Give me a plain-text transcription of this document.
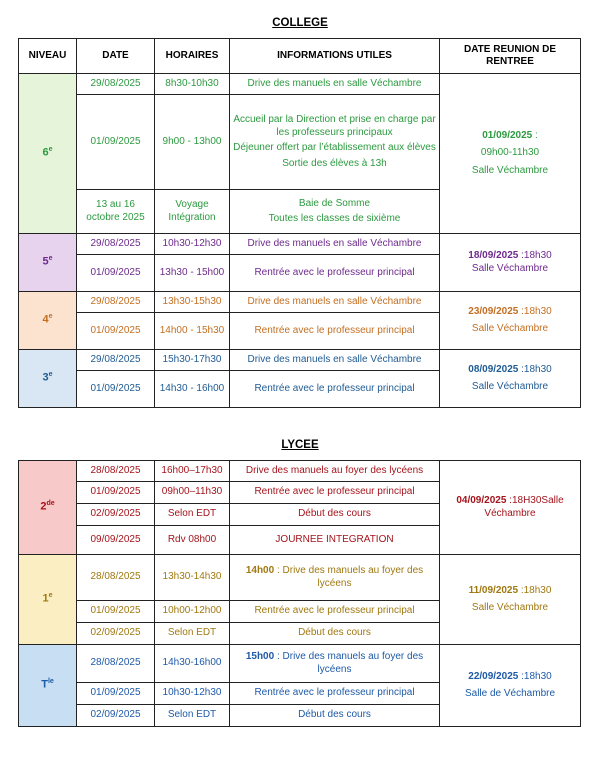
COLLEGE
NIVEAU	DATE	HORAIRES	INFORMATIONS UTILES	DATE REUNION DE RENTREE
6e	29/08/2025	8h30-10h30	Drive des manuels en salle Véchambre	01/09/2025 :

09h00-11h30

Salle Véchambre

	01/09/2025	9h00 - 13h00	Accueil par la Direction et prise en charge par les professeurs principaux

Déjeuner offert par l’établissement aux élèves

Sortie des élèves à 13h	

	13 au 16 octobre 2025	Voyage Intégration	Baie de Somme

Toutes les classes de sixième	

5e	29/08/2025	10h30-12h30	Drive des manuels en salle Véchambre	18/09/2025 :18h30
Salle Véchambre

	01/09/2025	13h30 - 15h00	Rentrée avec le professeur principal	
4e	29/08/2025	13h30-15h30	Drive des manuels en salle Véchambre	23/09/2025 :18h30

Salle Véchambre

	01/09/2025	14h00 - 15h30	Rentrée avec le professeur principal	
3e	29/08/2025	15h30-17h30	Drive des manuels en salle Véchambre	08/09/2025 :18h30

Salle Véchambre

	01/09/2025	14h30 - 16h00	Rentrée avec le professeur principal	
LYCEE
2de	28/08/2025	16h00–17h30	Drive des manuels au foyer des lycéens	04/09/2025 :18H30Salle Véchambre
	01/09/2025	09h00–11h30	Rentrée avec le professeur principal	
	02/09/2025	Selon EDT	Début des cours	
	09/09/2025	Rdv 08h00	JOURNEE INTEGRATION	
1e	28/08/2025	13h30-14h30	14h00 : Drive des manuels au foyer des lycéens	11/09/2025 :18h30

Salle Véchambre

	01/09/2025	10h00-12h00	Rentrée avec le professeur principal	
	02/09/2025	Selon EDT	Début des cours	
$T^{le}$	28/08/2025	14h30-16h00	15h00 : Drive des manuels au foyer des lycéens	22/09/2025 :18h30

Salle de Véchambre

	01/09/2025	10h30-12h30	Rentrée avec le professeur principal	
	02/09/2025	Selon EDT	Début des cours	
